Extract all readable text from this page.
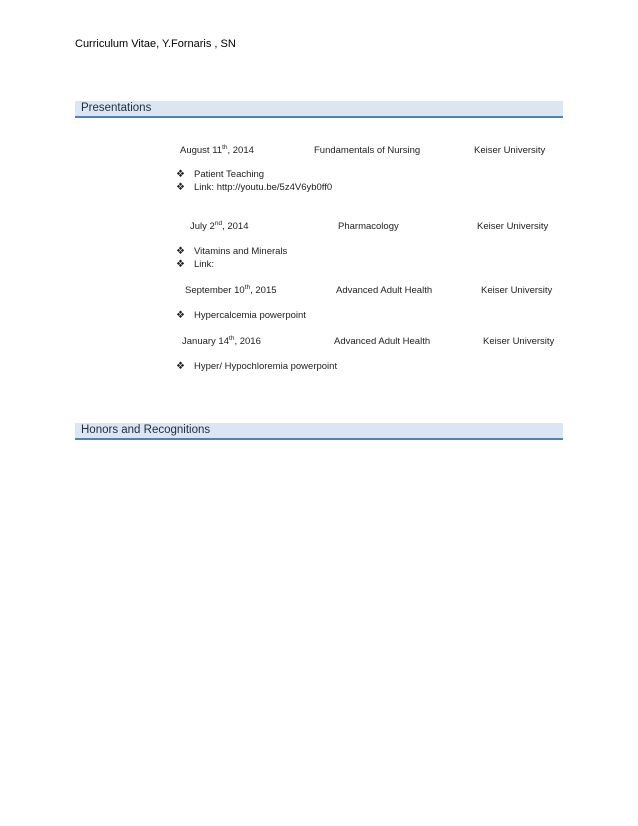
Curriculum Vitae, Y.Fornaris , SN
Presentations
August 11th, 2014	Fundamentals of Nursing	Keiser University
❖ Patient Teaching
❖ Link: http://youtu.be/5z4V6yb0ff0
July 2nd, 2014	Pharmacology	Keiser University
❖ Vitamins and Minerals
❖ Link:
September 10th, 2015	Advanced Adult Health	Keiser University
❖ Hypercalcemia powerpoint
January 14th, 2016	Advanced Adult Health	Keiser University
❖ Hyper/ Hypochloremia powerpoint
Honors and Recognitions
